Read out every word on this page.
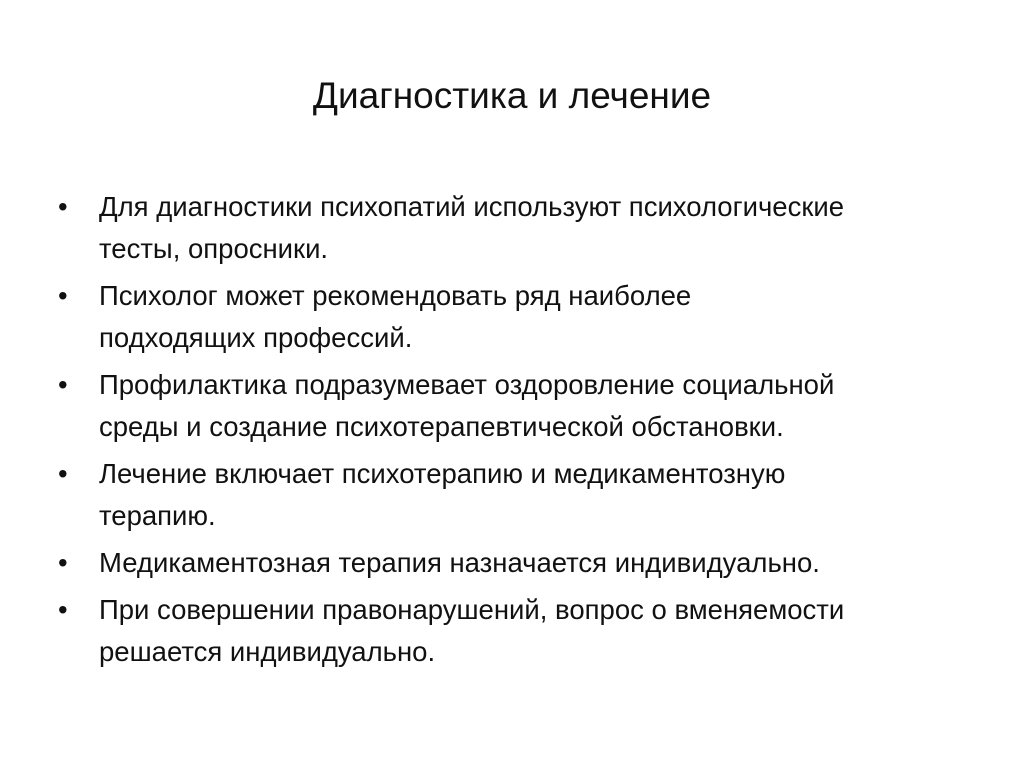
Диагностика и лечение
• Для диагностики психопатий используют психологические
тесты, опросники.
• Психолог может рекомендовать ряд наиболее
подходящих профессий.
• Профилактика подразумевает оздоровление социальной
среды и создание психотерапевтической обстановки.
• Лечение включает психотерапию и медикаментозную
терапию.
• Медикаментозная терапия назначается индивидуально.
• При совершении правонарушений, вопрос о вменяемости
решается индивидуально.
